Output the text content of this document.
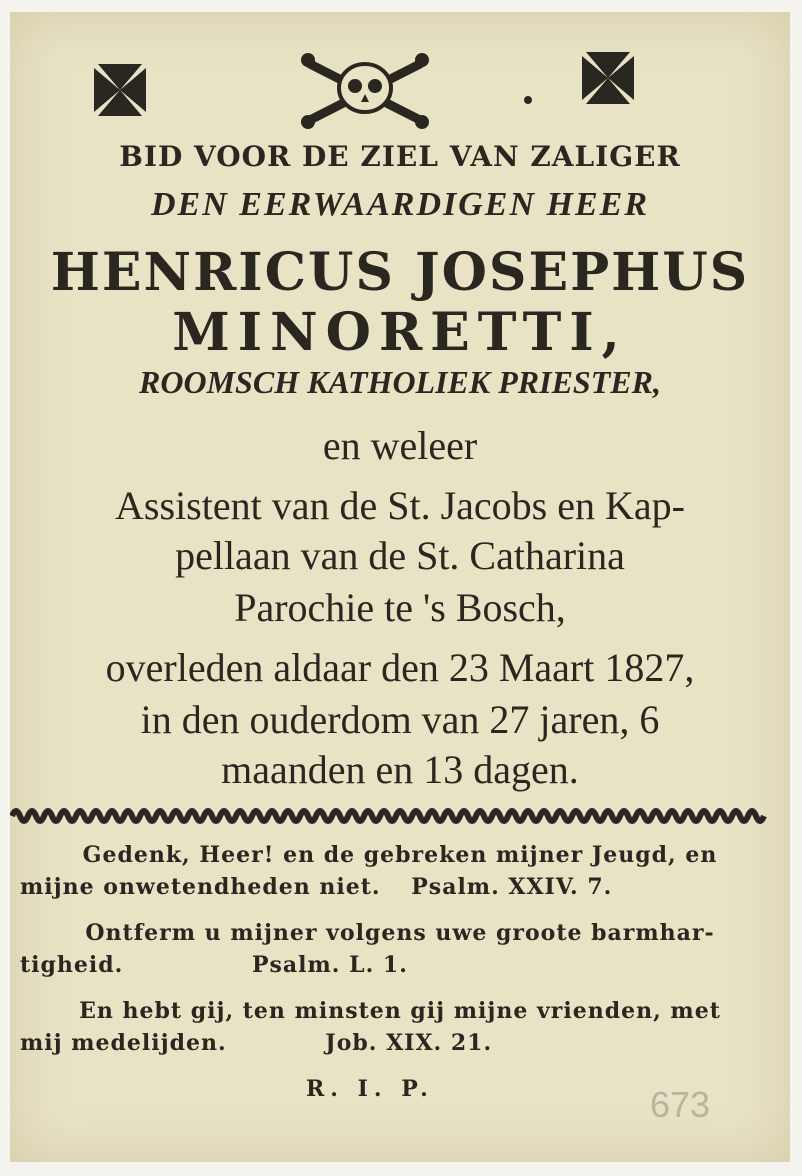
BID VOOR DE ZIEL VAN ZALIGER
DEN EERWAARDIGEN HEER
HENRICUS JOSEPHUS
MINORETTI,
ROOMSCH KATHOLIEK PRIESTER,
en weleer
Assistent van de St. Jacobs en Kap-
pellaan van de St. Catharina
Parochie te 's Bosch,
overleden aldaar den 23 Maart 1827,
in den ouderdom van 27 jaren, 6
maanden en 13 dagen.
Gedenk, Heer! en de gebreken mijner Jeugd, en
mijne onwetendheden niet. Psalm. XXIV. 7.
Ontferm u mijner volgens uwe groote barmhar-
tigheid.	Psalm. L. 1.
En hebt gij, ten minsten gij mijne vrienden, met
mij medelijden.	Job. XIX. 21.
R. I. P.	673
